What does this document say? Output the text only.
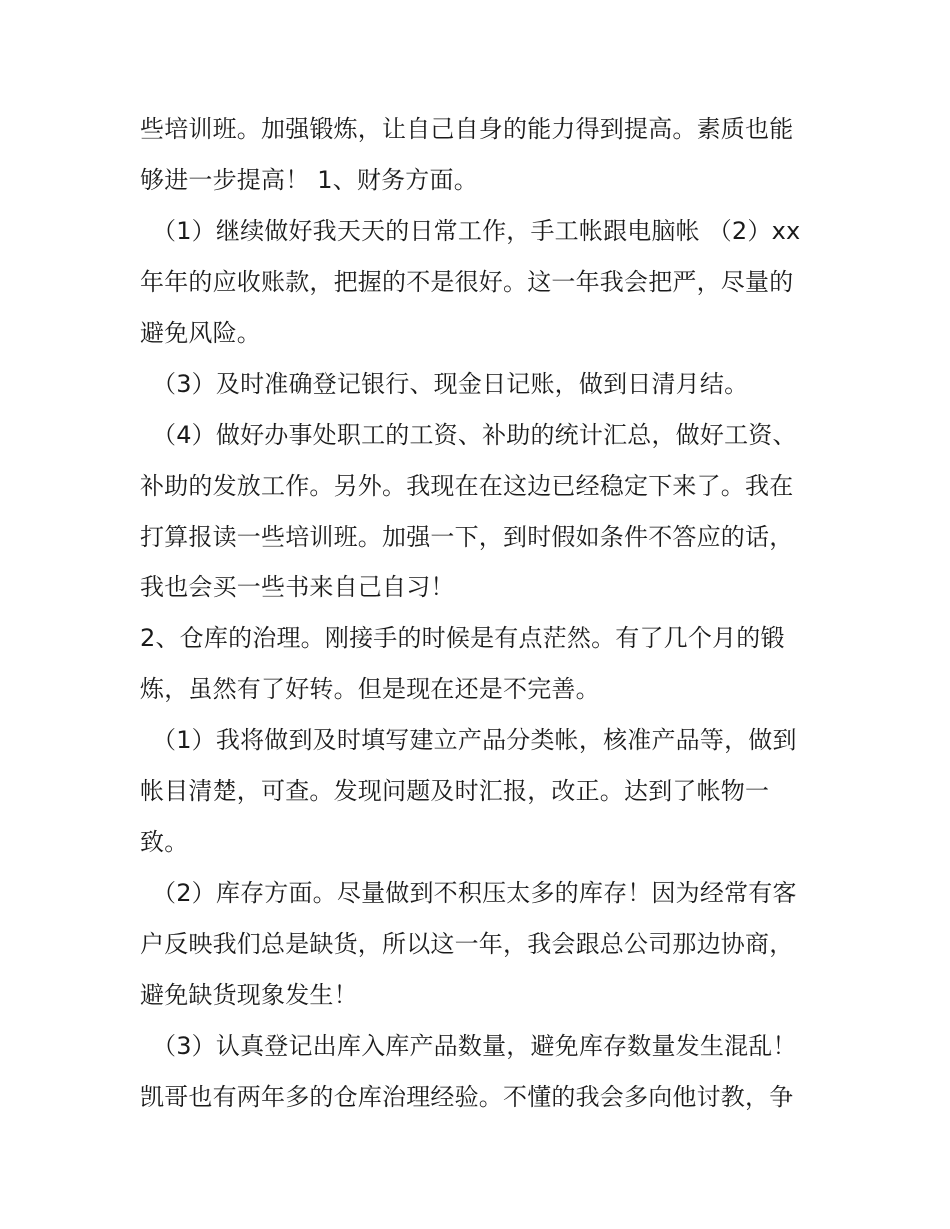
些培训班。加强锻炼，让自己自身的能力得到提高。素质也能
够进一步提高！ 1、财务方面。
（1）继续做好我天天的日常工作，手工帐跟电脑帐 （2）xx
年年的应收账款，把握的不是很好。这一年我会把严，尽量的
避免风险。
（3）及时准确登记银行、现金日记账，做到日清月结。
（4）做好办事处职工的工资、补助的统计汇总，做好工资、
补助的发放工作。另外。我现在在这边已经稳定下来了。我在
打算报读一些培训班。加强一下，到时假如条件不答应的话，
我也会买一些书来自己自习！
2、仓库的治理。刚接手的时候是有点茫然。有了几个月的锻
炼，虽然有了好转。但是现在还是不完善。
（1）我将做到及时填写建立产品分类帐，核准产品等，做到
帐目清楚，可查。发现问题及时汇报，改正。达到了帐物一
致。
（2）库存方面。尽量做到不积压太多的库存！因为经常有客
户反映我们总是缺货，所以这一年，我会跟总公司那边协商，
避免缺货现象发生！
（3）认真登记出库入库产品数量，避免库存数量发生混乱！
凯哥也有两年多的仓库治理经验。不懂的我会多向他讨教，争
